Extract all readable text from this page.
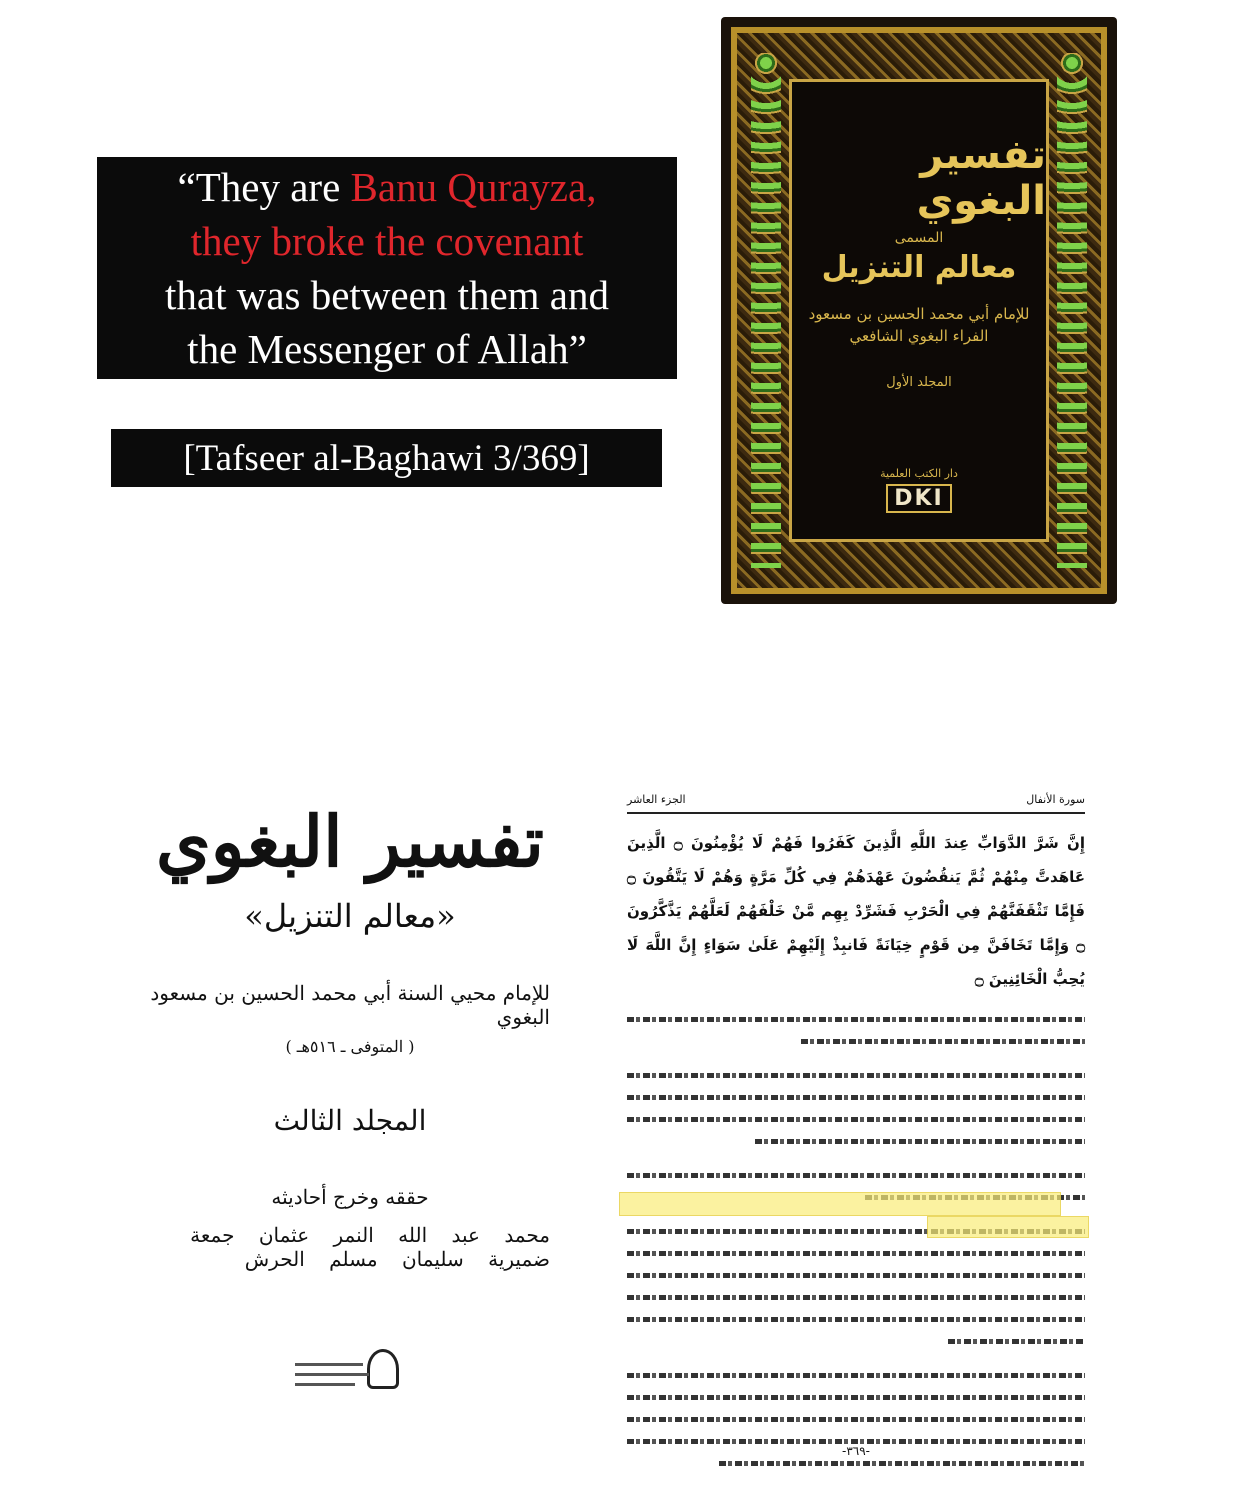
“They are Banu Qurayza,
they broke the covenant
that was between them and
the Messenger of Allah”
[Tafseer al-Baghawi 3/369]
تفسير البغوي
المسمى
معالم التنزيل
للإمام أبي محمد الحسين بن مسعود
الفراء البغوي الشافعي
المجلد الأول
دار الكتب العلمية
DKI
تفسير البغوي
«معالم التنزيل»
للإمام محيي السنة أبي محمد الحسين بن مسعود البغوي
( المتوفى ـ ٥١٦هـ )
المجلد الثالث
حققه وخرج أحاديثه
محمد عبد الله النمر عثمان جمعة ضميرية سليمان مسلم الحرش
سورة الأنفال
الجزء العاشر
إِنَّ شَرَّ الدَّوَابِّ عِندَ اللَّهِ الَّذِينَ كَفَرُوا فَهُمْ لَا يُؤْمِنُونَ ۝ الَّذِينَ عَاهَدتَّ مِنْهُمْ ثُمَّ يَنقُضُونَ عَهْدَهُمْ فِي كُلِّ مَرَّةٍ وَهُمْ لَا يَتَّقُونَ ۝ فَإِمَّا تَثْقَفَنَّهُمْ فِي الْحَرْبِ فَشَرِّدْ بِهِم مَّنْ خَلْفَهُمْ لَعَلَّهُمْ يَذَّكَّرُونَ ۝ وَإِمَّا تَخَافَنَّ مِن قَوْمٍ خِيَانَةً فَانبِذْ إِلَيْهِمْ عَلَىٰ سَوَاءٍ إِنَّ اللَّهَ لَا يُحِبُّ الْخَائِنِينَ ۝
-٣٦٩-
